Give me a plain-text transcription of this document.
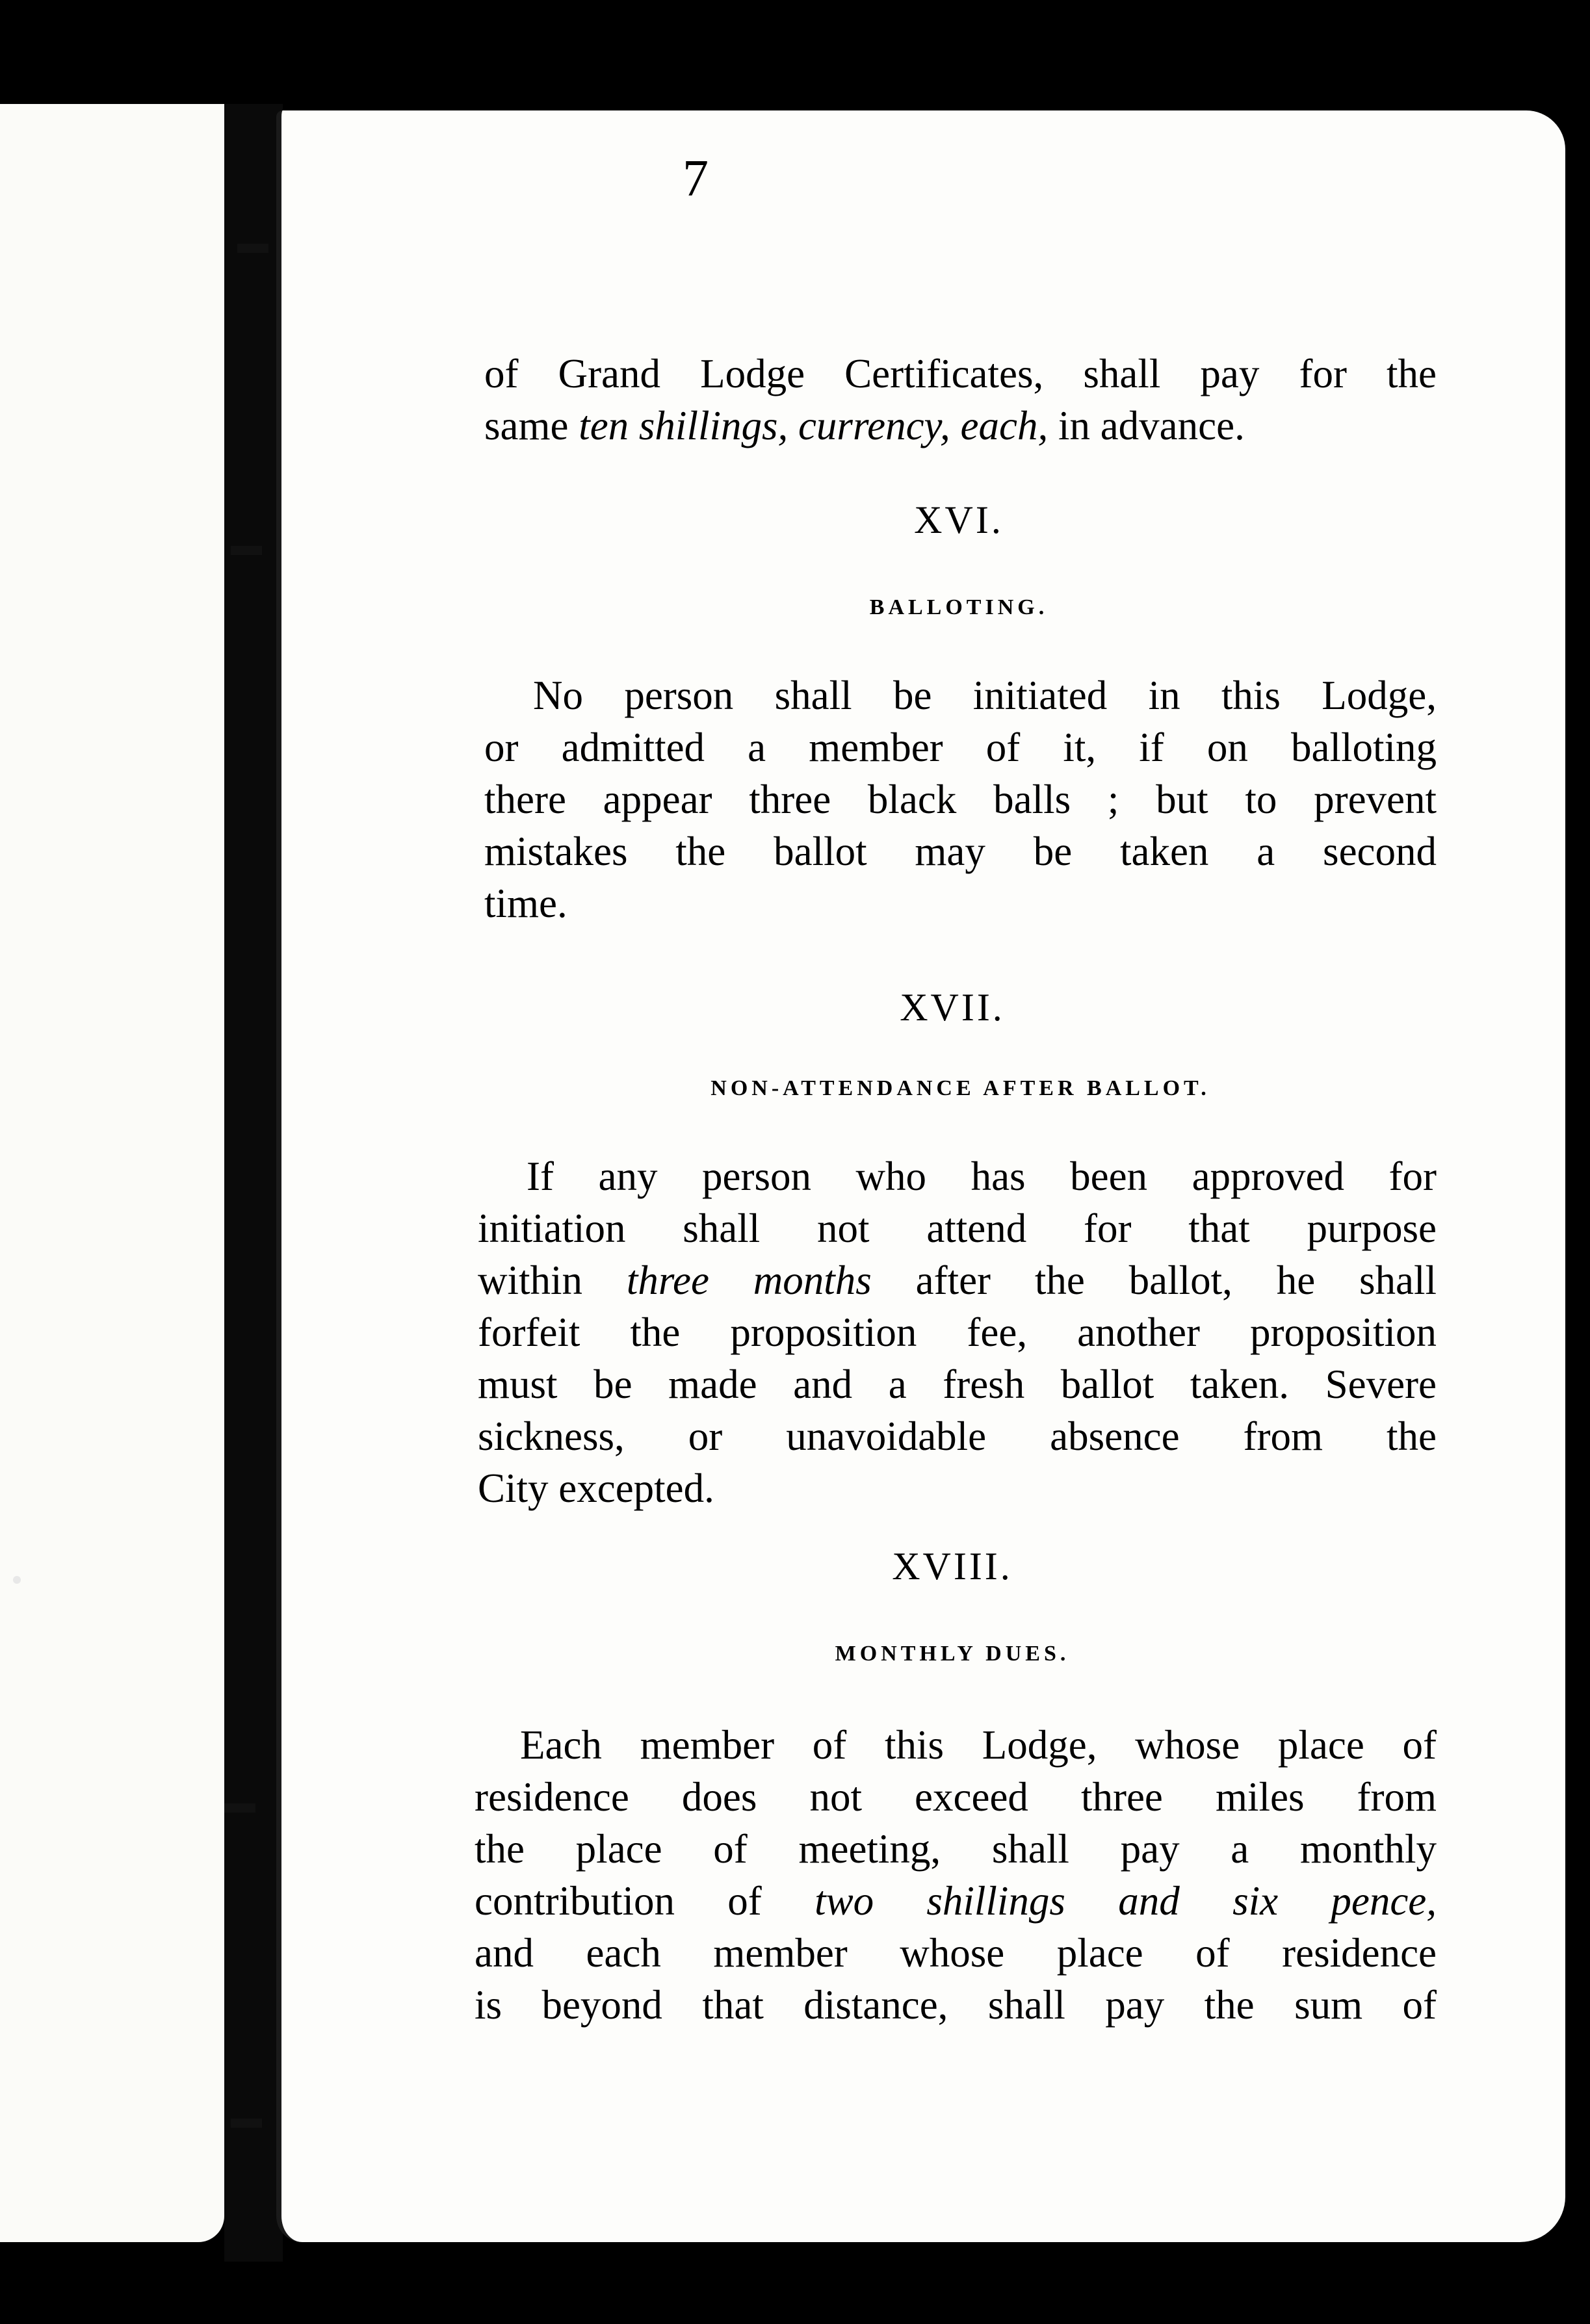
7
of Grand Lodge Certificates, shall pay for the
same ten shillings, currency, each, in advance.
XVI.
BALLOTING.
No person shall be initiated in this Lodge,
or admitted a member of it, if on balloting
there appear three black balls ; but to prevent
mistakes the ballot may be taken a second
time.
XVII.
NON-ATTENDANCE AFTER BALLOT.
If any person who has been approved for
initiation shall not attend for that purpose
within three months after the ballot, he shall
forfeit the proposition fee, another proposition
must be made and a fresh ballot taken. Severe
sickness, or unavoidable absence from the
City excepted.
XVIII.
MONTHLY DUES.
Each member of this Lodge, whose place of
residence does not exceed three miles from
the place of meeting, shall pay a monthly
contribution of two shillings and six pence,
and each member whose place of residence
is beyond that distance, shall pay the sum of
